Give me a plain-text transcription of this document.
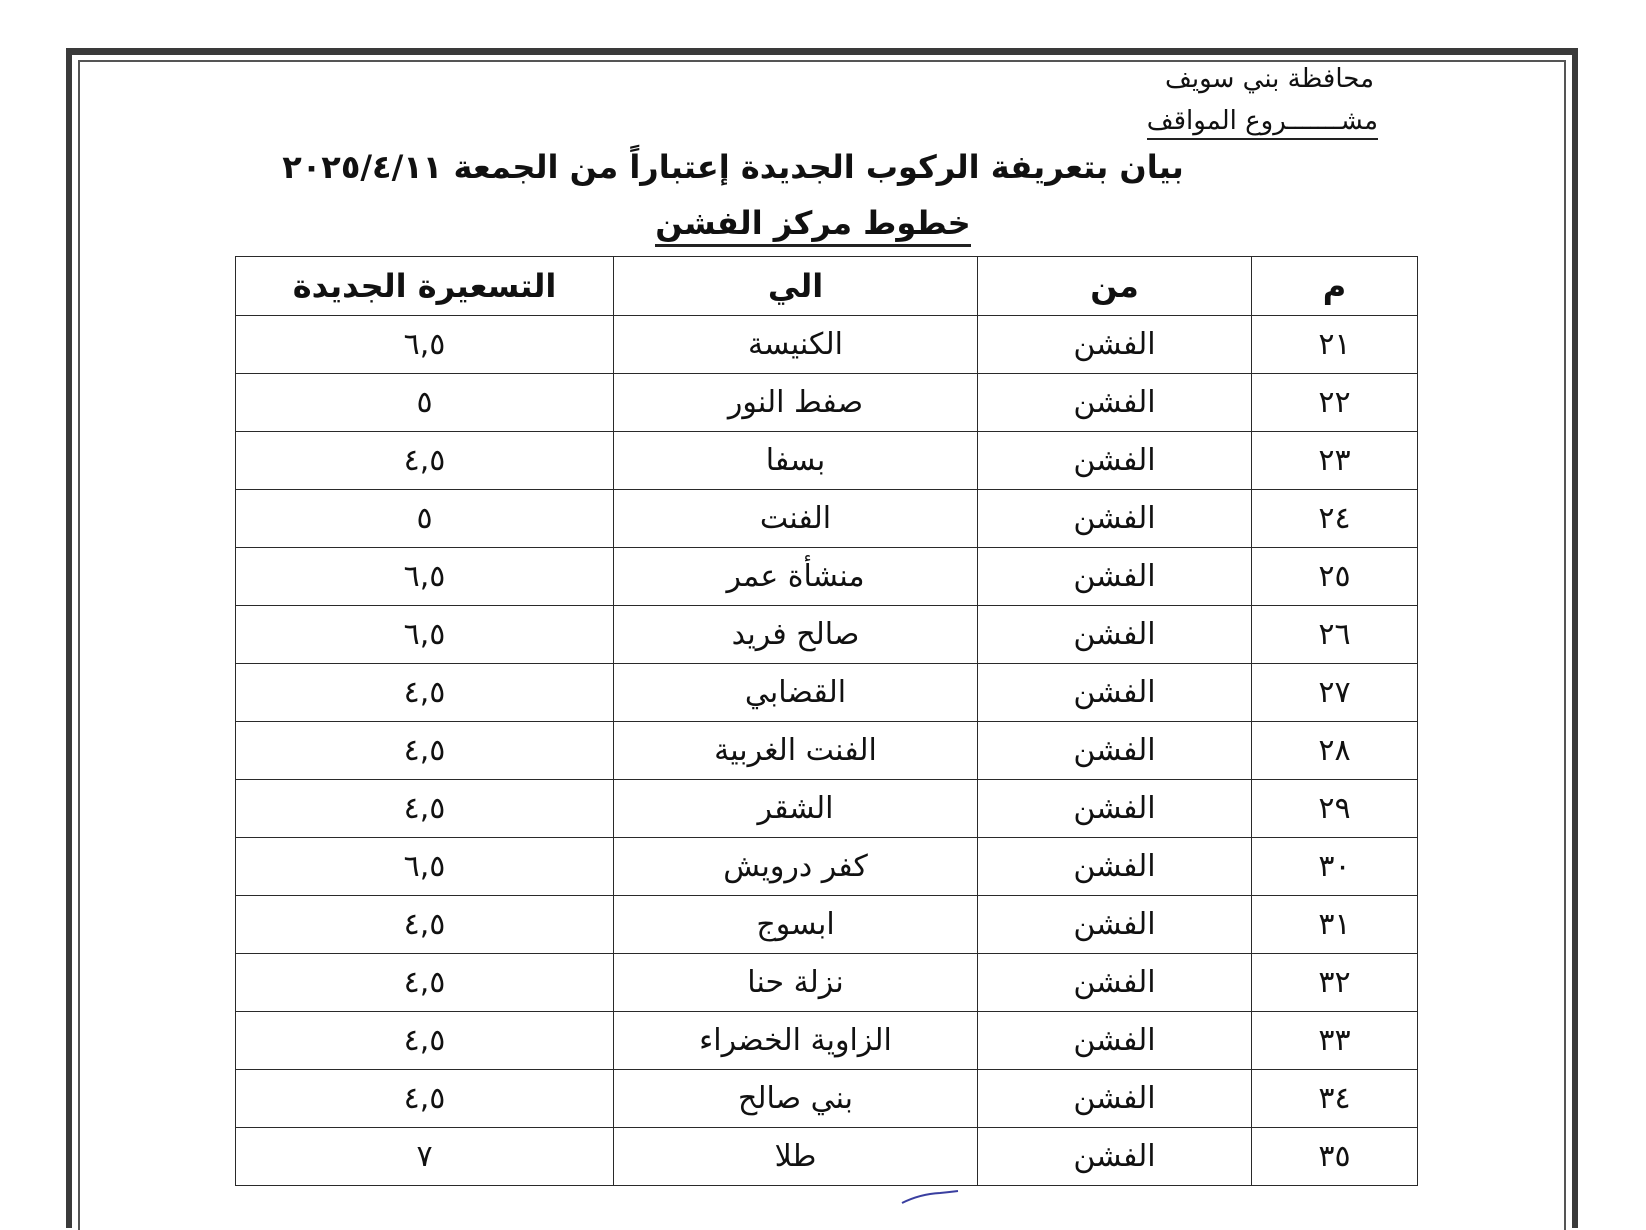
محافظة بني سويف
مشـــــــروع المواقف
بيان بتعريفة الركوب الجديدة إعتباراً من الجمعة ٢٠٢٥/٤/١١
خطوط مركز الفشن
م	من	الي	التسعيرة الجديدة
٢١	الفشن	الكنيسة	٦,٥
٢٢	الفشن	صفط النور	٥
٢٣	الفشن	بسفا	٤,٥
٢٤	الفشن	الفنت	٥
٢٥	الفشن	منشأة عمر	٦,٥
٢٦	الفشن	صالح فريد	٦,٥
٢٧	الفشن	القضابي	٤,٥
٢٨	الفشن	الفنت الغربية	٤,٥
٢٩	الفشن	الشقر	٤,٥
٣٠	الفشن	كفر درويش	٦,٥
٣١	الفشن	ابسوج	٤,٥
٣٢	الفشن	نزلة حنا	٤,٥
٣٣	الفشن	الزاوية الخضراء	٤,٥
٣٤	الفشن	بني صالح	٤,٥
٣٥	الفشن	طلا	٧
